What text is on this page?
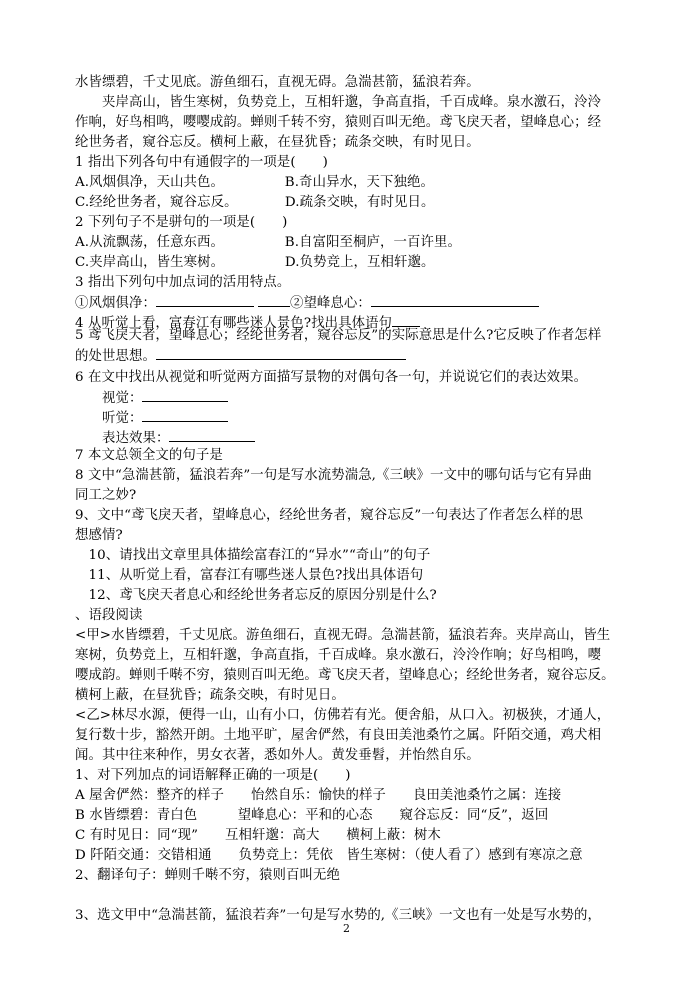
水皆缥碧，千丈见底。游鱼细石，直视无碍。急湍甚箭，猛浪若奔。
　　夹岸高山，皆生寒树，负势竞上，互相轩邈，争高直指，千百成峰。泉水激石，泠泠
作响，好鸟相鸣，嘤嘤成韵。蝉则千转不穷，猿则百叫无绝。鸢飞戾天者，望峰息心；经
纶世务者，窥谷忘反。横柯上蔽，在昼犹昏；疏条交映，有时见日。
1 指出下列各句中有通假字的一项是(　　)
A.风烟俱净，天山共色。　　　　　B.奇山异水，天下独绝。
C.经纶世务者，窥谷忘反。　　　　D.疏条交映，有时见日。
2 下列句子不是骈句的一项是(　　)
A.从流飘荡，任意东西。　　　　　B.自富阳至桐庐，一百许里。
C.夹岸高山，皆生寒树。　　　　　D.负势竞上，互相轩邈。
3 指出下列句中加点词的活用特点。
①风烟俱净：	②望峰息心：
4 从听觉上看，富春江有哪些迷人景色?找出具体语句
5 鸢飞戾天者，望峰息心；经纶世务者，窥谷忘反”的实际意思是什么?它反映了作者怎样
的处世思想。
6 在文中找出从视觉和听觉两方面描写景物的对偶句各一句，并说说它们的表达效果。
　　视觉：
　　听觉：
　　表达效果：
7 本文总领全文的句子是
8 文中“急湍甚箭，猛浪若奔”一句是写水流势湍急,《三峡》一文中的哪句话与它有异曲
同工之妙?
9、文中“鸢飞戾天者，望峰息心，经纶世务者，窥谷忘反”一句表达了作者怎么样的思
想感情?
　10、请找出文章里具体描绘富春江的“异水”“奇山”的句子
　11、从听觉上看，富春江有哪些迷人景色?找出具体语句
　12、鸢飞戾天者息心和经纶世务者忘反的原因分别是什么?
、语段阅读
<甲>水皆缥碧，千丈见底。游鱼细石，直视无碍。急湍甚箭，猛浪若奔。夹岸高山，皆生
寒树，负势竞上，互相轩邈，争高直指，千百成峰。泉水激石，泠泠作响；好鸟相鸣，嘤
嘤成韵。蝉则千啭不穷，猿则百叫无绝。鸢飞戾天者，望峰息心；经纶世务者，窥谷忘反。
横柯上蔽，在昼犹昏；疏条交映，有时见日。
<乙>林尽水源，便得一山，山有小口，仿佛若有光。便舍船，从口入。初极狭，才通人，
复行数十步，豁然开朗。土地平旷，屋舍俨然，有良田美池桑竹之属。阡陌交通，鸡犬相
闻。其中往来种作，男女衣著，悉如外人。黄发垂髫，并怡然自乐。
1、对下列加点的词语解释正确的一项是(　　)
A 屋舍俨然：整齐的样子　　怡然自乐：愉快的样子　　良田美池桑竹之属：连接
B 水皆缥碧：青白色　　　望峰息心：平和的心态　　窥谷忘反：同“反”，返回
C 有时见日：同“现”　　互相轩邈：高大　　横柯上蔽：树木
D 阡陌交通：交错相通　　负势竞上：凭依　皆生寒树：（使人看了）感到有寒凉之意
2、翻译句子：蝉则千啭不穷，猿则百叫无绝
3、选文甲中“急湍甚箭，猛浪若奔”一句是写水势的,《三峡》一文也有一处是写水势的，
2
